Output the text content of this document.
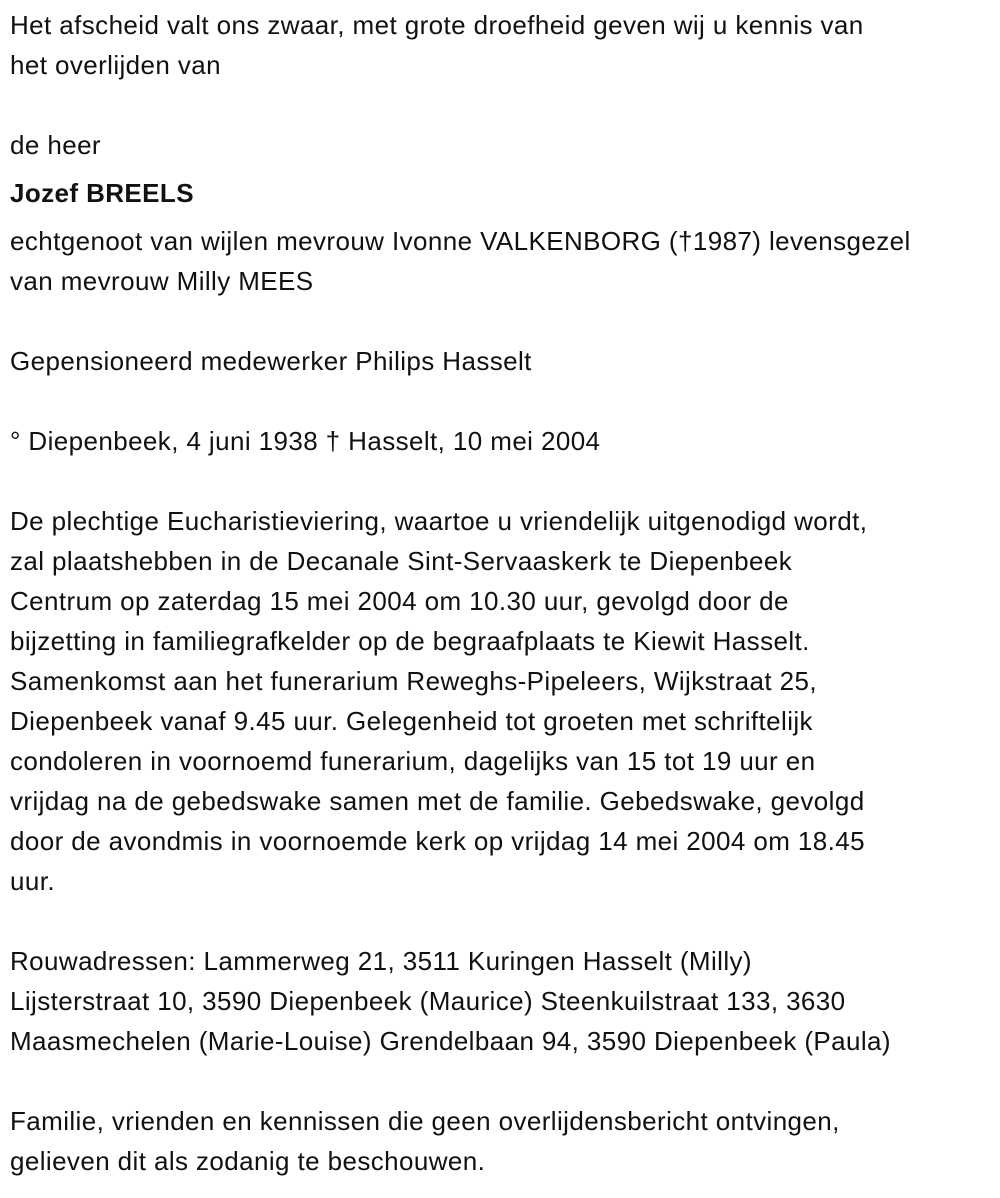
Het afscheid valt ons zwaar, met grote droefheid geven wij u kennis van
het overlijden van
de heer
Jozef BREELS
echtgenoot van wijlen mevrouw Ivonne VALKENBORG (†1987) levensgezel
van mevrouw Milly MEES
Gepensioneerd medewerker Philips Hasselt
° Diepenbeek, 4 juni 1938 † Hasselt, 10 mei 2004
De plechtige Eucharistieviering, waartoe u vriendelijk uitgenodigd wordt,
zal plaatshebben in de Decanale Sint-Servaaskerk te Diepenbeek
Centrum op zaterdag 15 mei 2004 om 10.30 uur, gevolgd door de
bijzetting in familiegrafkelder op de begraafplaats te Kiewit Hasselt.
Samenkomst aan het funerarium Reweghs-Pipeleers, Wijkstraat 25,
Diepenbeek vanaf 9.45 uur. Gelegenheid tot groeten met schriftelijk
condoleren in voornoemd funerarium, dagelijks van 15 tot 19 uur en
vrijdag na de gebedswake samen met de familie. Gebedswake, gevolgd
door de avondmis in voornoemde kerk op vrijdag 14 mei 2004 om 18.45
uur.
Rouwadressen: Lammerweg 21, 3511 Kuringen Hasselt (Milly)
Lijsterstraat 10, 3590 Diepenbeek (Maurice) Steenkuilstraat 133, 3630
Maasmechelen (Marie-Louise) Grendelbaan 94, 3590 Diepenbeek (Paula)
Familie, vrienden en kennissen die geen overlijdensbericht ontvingen,
gelieven dit als zodanig te beschouwen.
